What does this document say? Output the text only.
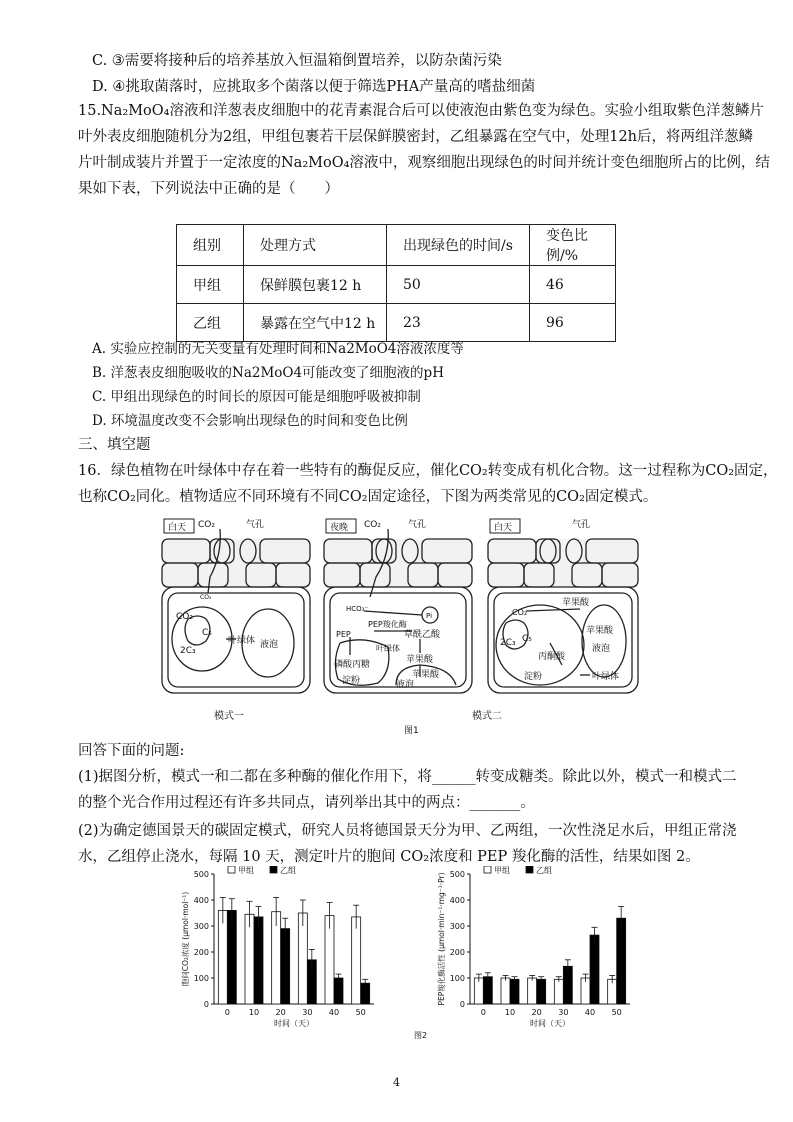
C. ③需要将接种后的培养基放入恒温箱倒置培养，以防杂菌污染
D. ④挑取菌落时，应挑取多个菌落以便于筛选PHA产量高的嗜盐细菌
15.Na₂MoO₄溶液和洋葱表皮细胞中的花青素混合后可以使液泡由紫色变为绿色。实验小组取紫色洋葱鳞片
叶外表皮细胞随机分为2组，甲组包裹若干层保鲜膜密封，乙组暴露在空气中，处理12h后，将两组洋葱鳞
片叶制成装片并置于一定浓度的Na₂MoO₄溶液中，观察细胞出现绿色的时间并统计变色细胞所占的比例，结
果如下表，下列说法中正确的是（　　）
组别	处理方式	出现绿色的时间/s	变色比例/%
甲组	保鲜膜包裹12 h	50	46
乙组	暴露在空气中12 h	23	96
A. 实验应控制的无关变量有处理时间和Na2MoO4溶液浓度等
B. 洋葱表皮细胞吸收的Na2MoO4可能改变了细胞液的pH
C. 甲组出现绿色的时间长的原因可能是细胞呼吸被抑制
D. 环境温度改变不会影响出现绿色的时间和变色比例
三、填空题
16．绿色植物在叶绿体中存在着一些特有的酶促反应，催化CO₂转变成有机化合物。这一过程称为CO₂固定，
也称CO₂同化。植物适应不同环境有不同CO₂固定途径，下图为两类常见的CO₂固定模式。
白天 CO₂	气孔
CO₂
CO₂
C₅
2C₃
叶绿体 液泡
夜晚 CO₂	气孔
HCO₃⁻
Pi
PEP羧化酶
PEP	草酰乙酸
叶绿体
苹果酸
磷酸丙糖
淀粉
苹果酸
液泡
白天	气孔
苹果酸
CO₂
C₅
2C₃
丙酮酸
苹果酸
液泡
淀粉	叶绿体
模式一	模式二
图1
回答下面的问题:
(1)据图分析，模式一和二都在多种酶的催化作用下，将______转变成糖类。除此以外，模式一和模式二
的整个光合作用过程还有许多共同点，请列举出其中的两点：_______。
(2)为确定德国景天的碳固定模式，研究人员将德国景天分为甲、乙两组，一次性浇足水后，甲组正常浇
水，乙组停止浇水，每隔 10 天，测定叶片的胞间 CO₂浓度和 PEP 羧化酶的活性，结果如图 2。
0
100
200
300
400
500
0 10 20 30 40 50
时间（天）
胞间CO₂浓度 (μmol·mol⁻¹)
甲组	乙组
0
100
200
300
400
500
0 10 20 30 40 50
时间（天）
PEP羧化酶活性 (μmol·min⁻¹·mg⁻¹·Pr)
甲组	乙组
图2
4
